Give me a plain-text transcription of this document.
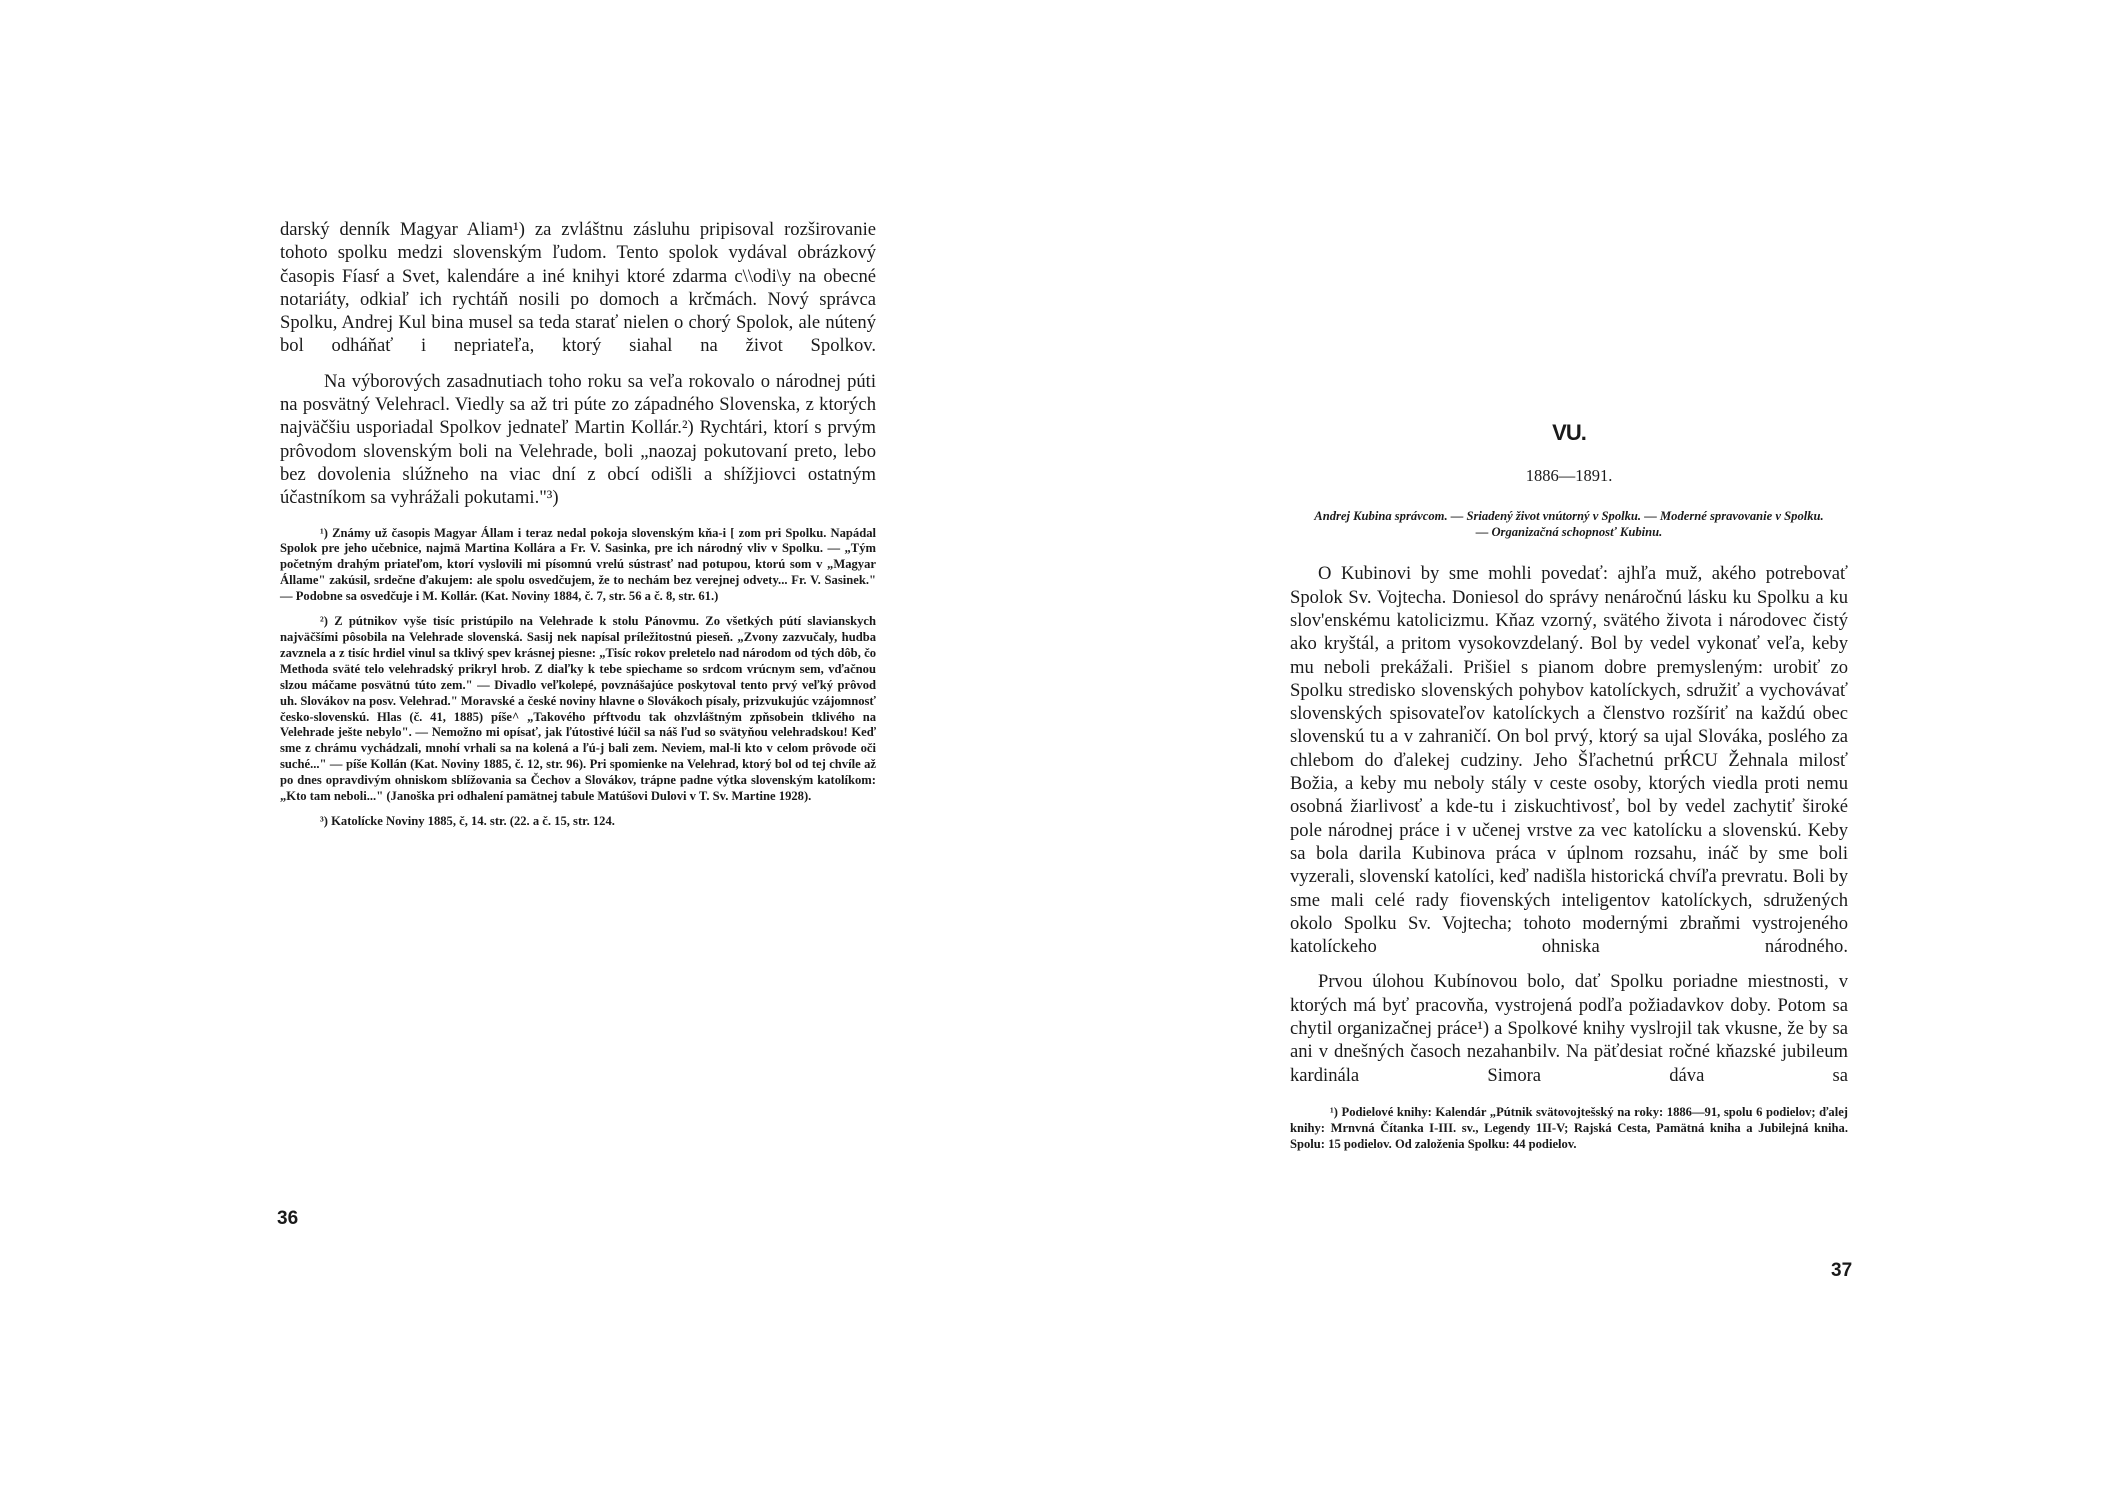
darský denník Magyar Aliam¹) za zvláštnu zásluhu pripisoval rozširovanie tohoto spolku medzi slovenským ľudom. Tento spolok vydával obrázkový časopis Fíasŕ a Svet, kalendáre a iné knihyi ktoré zdarma c\\odi\y na obecné notariáty, odkiaľ ich rychtáň nosili po domoch a krčmách. Nový správca Spolku, Andrej Kul bina musel sa teda starať nielen o chorý Spolok, ale nútený bol odháňať i nepriateľa, ktorý siahal na život Spolkov.

Na výborových zasadnutiach toho roku sa veľa rokovalo o národnej púti na posvätný Velehracl. Viedly sa až tri púte zo západného Slovenska, z ktorých najväčšiu usporiadal Spolkov jednateľ Martin Kollár.²) Rychtári, ktorí s prvým prôvodom slovenským boli na Velehrade, boli „naozaj pokutovaní preto, lebo bez dovolenia slúžneho na viac dní z obcí odišli a shížjiovci ostatným účastníkom sa vyhrážali pokutami."³)

¹) Známy už časopis Magyar Állam i teraz nedal pokoja slovenským kňa-i [ zom pri Spolku. Napádal Spolok pre jeho učebnice, najmä Martina Kollára a Fr. V. Sasinka, pre ich národný vliv v Spolku. — „Tým početným drahým priateľom, ktorí vyslovili mi písomnú vrelú sústrasť nad potupou, ktorú som v „Magyar Állame" zakúsil, srdečne ďakujem: ale spolu osvedčujem, že to nechám bez verejnej odvety... Fr. V. Sasinek." — Podobne sa osvedčuje i M. Kollár. (Kat. Noviny 1884, č. 7, str. 56 a č. 8, str. 61.)

²) Z pútnikov vyše tisíc pristúpilo na Velehrade k stolu Pánovmu. Zo všetkých pútí slavianskych najväčšími pôsobila na Velehrade slovenská. Sasij nek napísal príležitostnú pieseň. „Zvony zazvučaly, hudba zavznela a z tisíc hrdiel vinul sa tklivý spev krásnej piesne: „Tisíc rokov preletelo nad národom od tých dôb, čo Methoda sväté telo velehradský prikryl hrob. Z diaľky k tebe spiechame so srdcom vrúcnym sem, vďačnou slzou máčame posvätnú túto zem." — Divadlo veľkolepé, povznášajúce poskytoval tento prvý veľký prôvod uh. Slovákov na posv. Velehrad." Moravské a české noviny hlavne o Slovákoch písaly, prizvukujúc vzájomnosť česko-slovenskú. Hlas (č. 41, 1885) píše^ „Takového pŕftvodu tak ohzvláštným zpňsobein tklivého na Velehrade ješte nebylo". — Nemožno mi opísať, jak ľútostivé lúčil sa náš ľud so svätyňou velehradskou! Keď sme z chrámu vychádzali, mnohí vrhali sa na kolená a ľú-j bali zem. Neviem, mal-li kto v celom prôvode oči suché..." — píše Kollán (Kat. Noviny 1885, č. 12, str. 96). Pri spomienke na Velehrad, ktorý bol od tej chvíle až po dnes opravdivým ohniskom sblížovania sa Čechov a Slovákov, trápne padne výtka slovenským katolíkom: „Kto tam neboli..." (Janoška pri odhalení pamätnej tabule Matúšovi Dulovi v T. Sv. Martine 1928).

³) Katolícke Noviny 1885, č, 14. str. (22. a č. 15, str. 124.

36
VU.
1886—1891.
Andrej Kubina správcom. — Sriadený život vnútorný v Spolku. — Moderné spravovanie v Spolku. — Organizačná schopnosť Kubinu.

O Kubinovi by sme mohli povedať: ajhľa muž, akého potrebovať Spolok Sv. Vojtecha. Doniesol do správy nenáročnú lásku ku Spolku a ku slov'enskému katolicizmu. Kňaz vzorný, svätého života i národovec čistý ako kryštál, a pritom vysokovzdelaný. Bol by vedel vykonať veľa, keby mu neboli prekážali. Prišiel s pianom dobre premysleným: urobiť zo Spolku stredisko slovenských pohybov katolíckych, sdružiť a vychovávať slovenských spisovateľov katolíckych a členstvo rozšíriť na každú obec slovenskú tu a v zahraničí. On bol prvý, ktorý sa ujal Slováka, poslého za chlebom do ďalekej cudziny. Jeho Šľachetnú prŔCU Žehnala milosť Božia, a keby mu neboly stály v ceste osoby, ktorých viedla proti nemu osobná žiarlivosť a kde-tu i ziskuchtivosť, bol by vedel zachytiť široké pole národnej práce i v učenej vrstve za vec katolícku a slovenskú. Keby sa bola darila Kubinova práca v úplnom rozsahu, ináč by sme boli vyzerali, slovenskí katolíci, keď nadišla historická chvíľa prevratu. Boli by sme mali celé rady fiovenských inteligentov katolíckych, sdružených okolo Spolku Sv. Vojtecha; tohoto modernými zbraňmi vystrojeného katolíckeho ohniska národného.

Prvou úlohou Kubínovou bolo, dať Spolku poriadne miestnosti, v ktorých má byť pracovňa, vystrojená podľa požiadavkov doby. Potom sa chytil organizačnej práce¹) a Spolkové knihy vyslrojil tak vkusne, že by sa ani v dnešných časoch nezahanbilv. Na päťdesiat ročné kňazské jubileum kardinála Simora dáva sa

¹) Podielové knihy: Kalendár „Pútnik svätovojtešský na roky: 1886—91, spolu 6 podielov; ďalej knihy: Mrnvná Čítanka I-III. sv., Legendy 1II-V; Rajská Cesta, Pamätná kniha a Jubilejná kniha. Spolu: 15 podielov. Od založenia Spolku: 44 podielov.

37
